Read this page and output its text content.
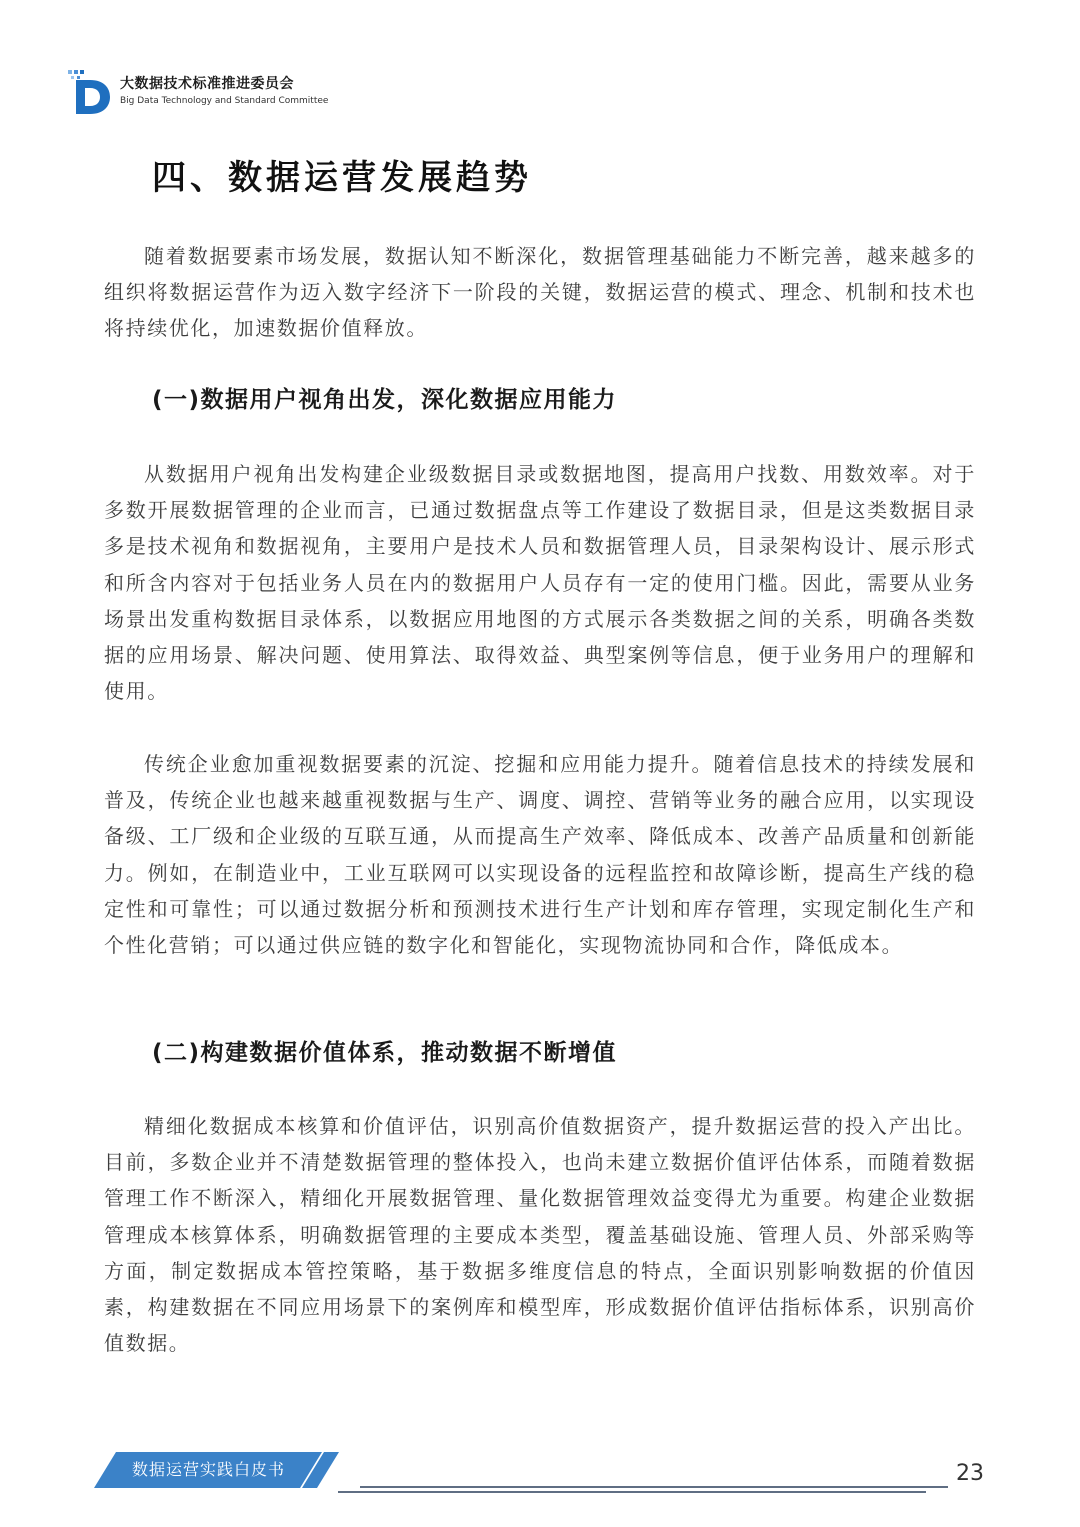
大数据技术标准推进委员会
Big Data Technology and Standard Committee
四、数据运营发展趋势

随着数据要素市场发展，数据认知不断深化，数据管理基础能力不断完善，越来越多的组织将数据运营作为迈入数字经济下一阶段的关键，数据运营的模式、理念、机制和技术也将持续优化，加速数据价值释放。

(一)数据用户视角出发，深化数据应用能力

从数据用户视角出发构建企业级数据目录或数据地图，提高用户找数、用数效率。对于多数开展数据管理的企业而言，已通过数据盘点等工作建设了数据目录，但是这类数据目录多是技术视角和数据视角，主要用户是技术人员和数据管理人员，目录架构设计、展示形式和所含内容对于包括业务人员在内的数据用户人员存有一定的使用门槛。因此，需要从业务场景出发重构数据目录体系，以数据应用地图的方式展示各类数据之间的关系，明确各类数据的应用场景、解决问题、使用算法、取得效益、典型案例等信息，便于业务用户的理解和使用。

传统企业愈加重视数据要素的沉淀、挖掘和应用能力提升。随着信息技术的持续发展和普及，传统企业也越来越重视数据与生产、调度、调控、营销等业务的融合应用，以实现设备级、工厂级和企业级的互联互通，从而提高生产效率、降低成本、改善产品质量和创新能力。例如，在制造业中，工业互联网可以实现设备的远程监控和故障诊断，提高生产线的稳定性和可靠性；可以通过数据分析和预测技术进行生产计划和库存管理，实现定制化生产和个性化营销；可以通过供应链的数字化和智能化，实现物流协同和合作，降低成本。

(二)构建数据价值体系，推动数据不断增值

精细化数据成本核算和价值评估，识别高价值数据资产，提升数据运营的投入产出比。目前，多数企业并不清楚数据管理的整体投入，也尚未建立数据价值评估体系，而随着数据管理工作不断深入，精细化开展数据管理、量化数据管理效益变得尤为重要。构建企业数据管理成本核算体系，明确数据管理的主要成本类型，覆盖基础设施、管理人员、外部采购等方面，制定数据成本管控策略，基于数据多维度信息的特点，全面识别影响数据的价值因素，构建数据在不同应用场景下的案例库和模型库，形成数据价值评估指标体系，识别高价值数据。

数据运营实践白皮书	23
